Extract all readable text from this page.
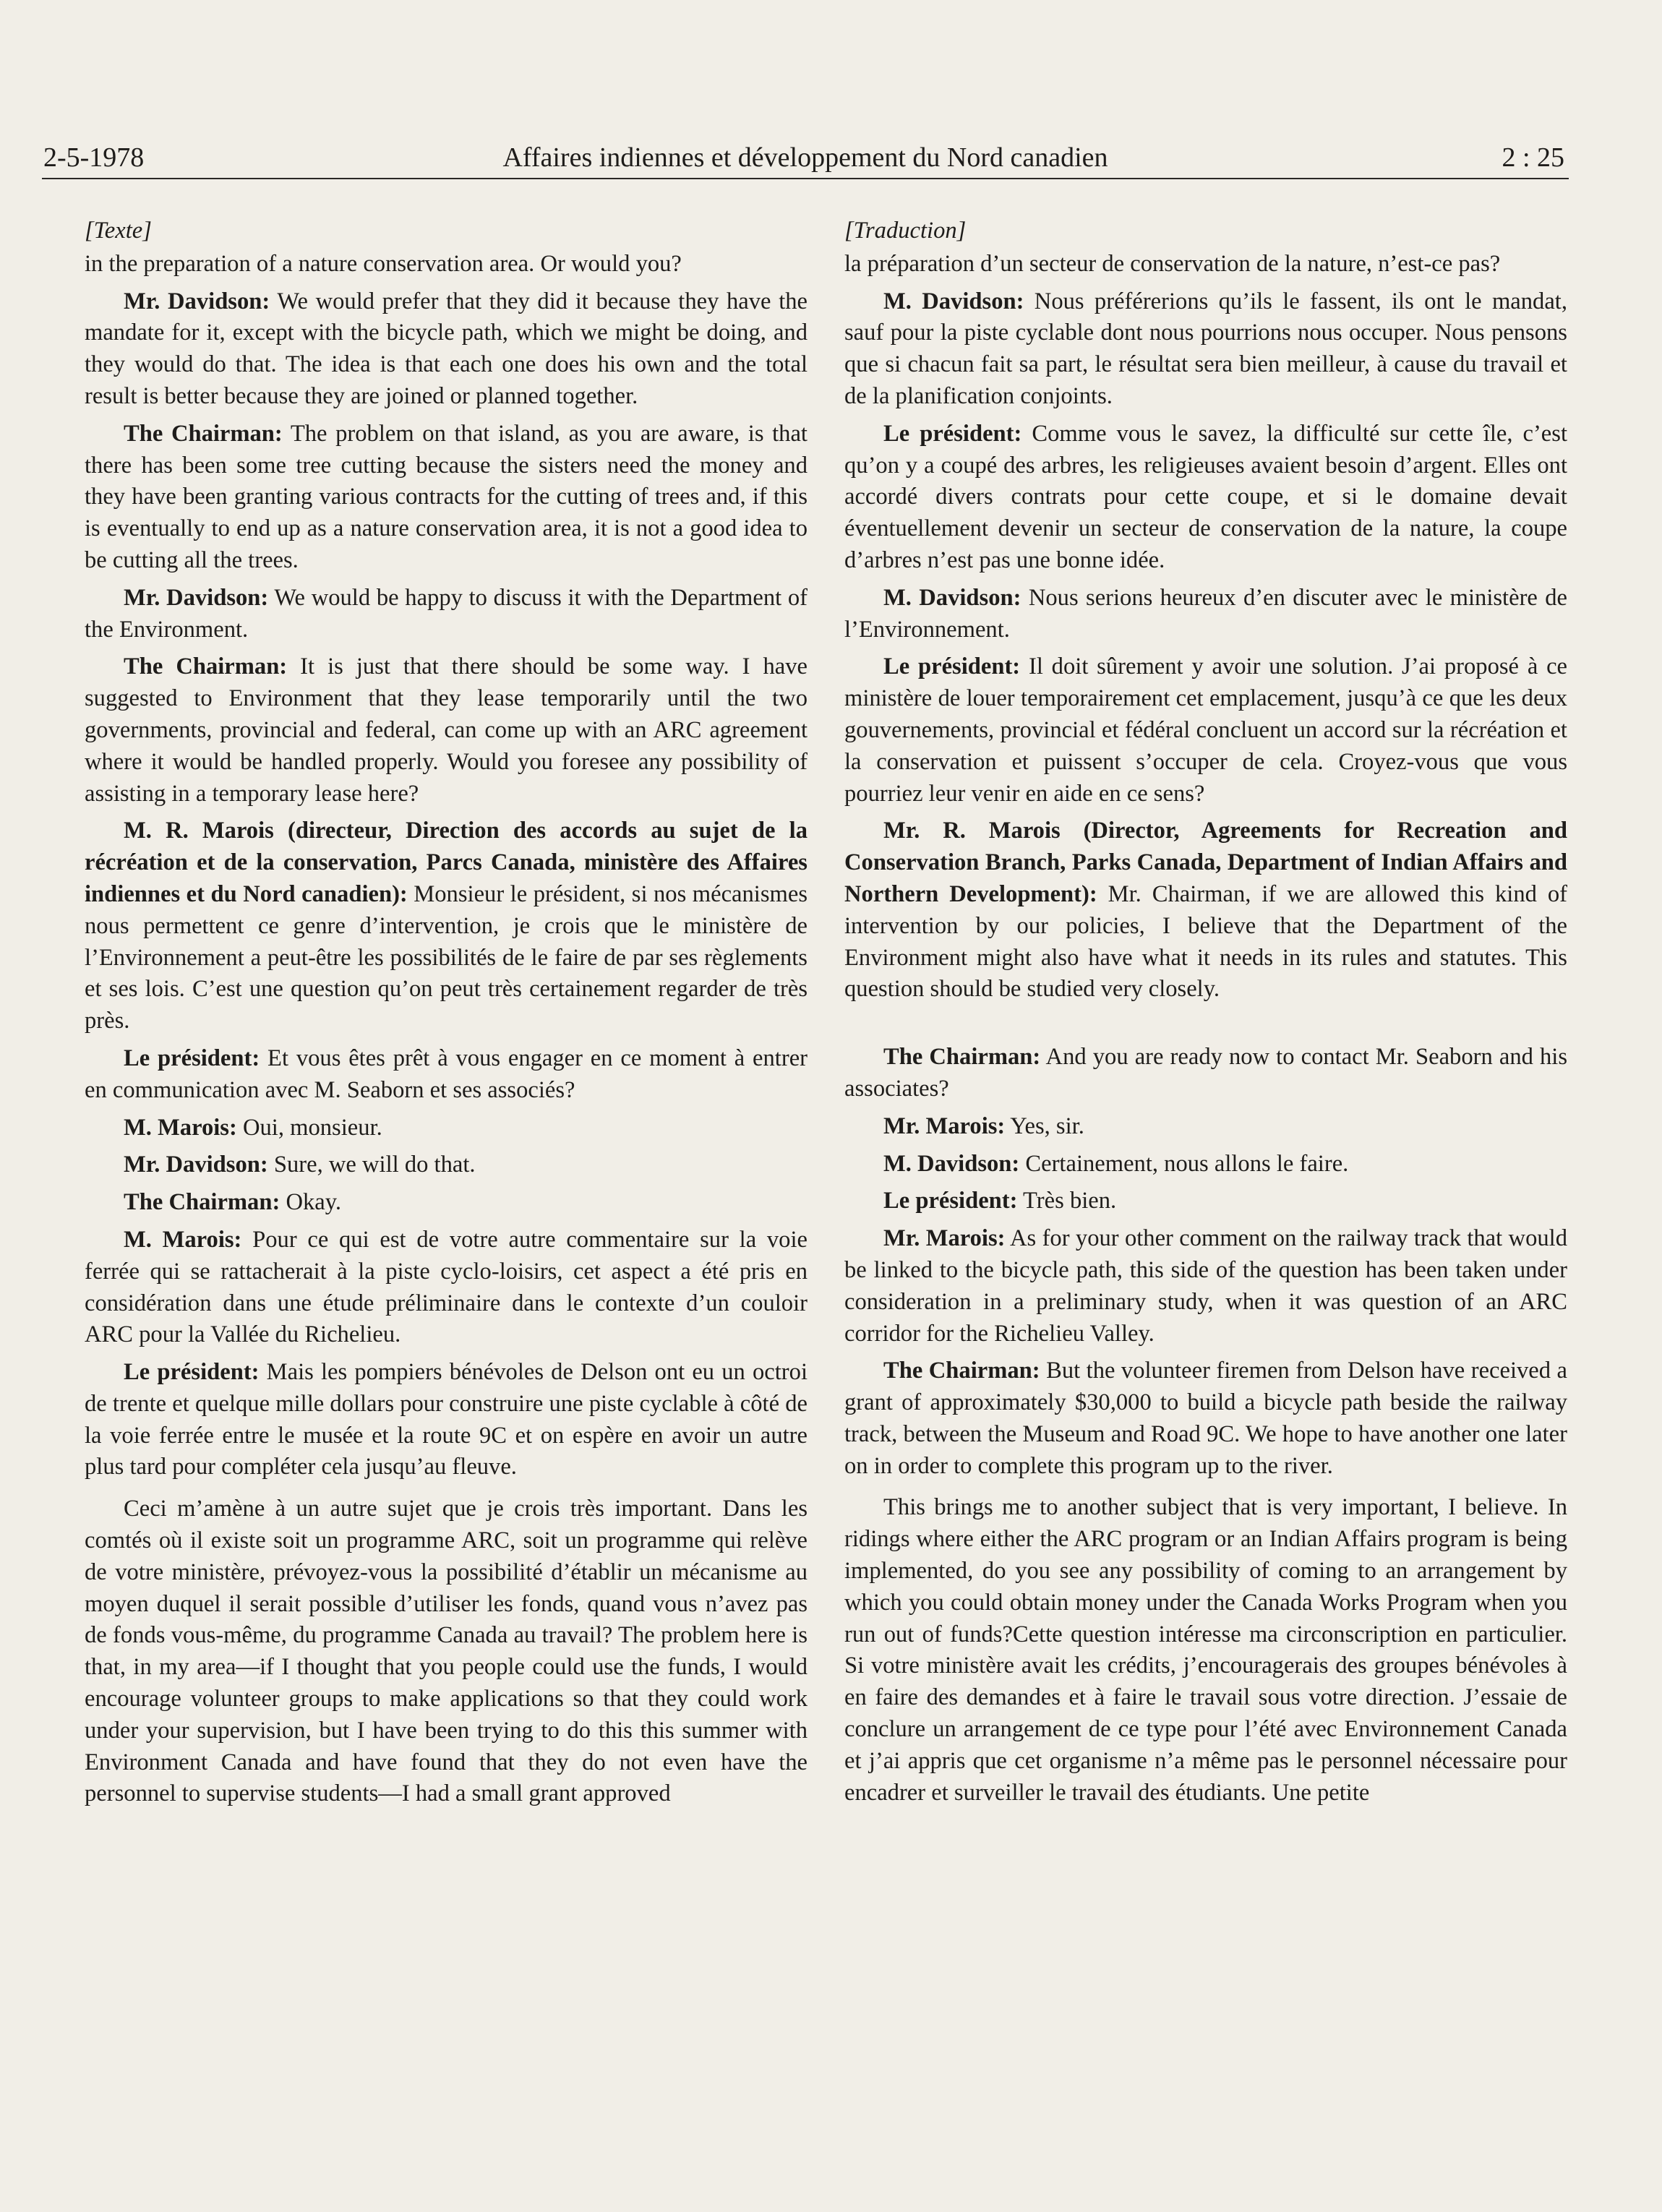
2-5-1978	Affaires indiennes et développement du Nord canadien	2 : 25

[Texte]

in the preparation of a nature conservation area. Or would you?

Mr. Davidson: We would prefer that they did it because they have the mandate for it, except with the bicycle path, which we might be doing, and they would do that. The idea is that each one does his own and the total result is better because they are joined or planned together.

The Chairman: The problem on that island, as you are aware, is that there has been some tree cutting because the sisters need the money and they have been granting various contracts for the cutting of trees and, if this is eventually to end up as a nature conservation area, it is not a good idea to be cutting all the trees.

Mr. Davidson: We would be happy to discuss it with the Department of the Environment.

The Chairman: It is just that there should be some way. I have suggested to Environment that they lease temporarily until the two governments, provincial and federal, can come up with an ARC agreement where it would be handled properly. Would you foresee any possibility of assisting in a temporary lease here?

M. R. Marois (directeur, Direction des accords au sujet de la récréation et de la conservation, Parcs Canada, ministère des Affaires indiennes et du Nord canadien): Monsieur le président, si nos mécanismes nous permettent ce genre d’intervention, je crois que le ministère de l’Environnement a peut-être les possibilités de le faire de par ses règlements et ses lois. C’est une question qu’on peut très certainement regarder de très près.

Le président: Et vous êtes prêt à vous engager en ce moment à entrer en communication avec M. Seaborn et ses associés?

M. Marois: Oui, monsieur.

Mr. Davidson: Sure, we will do that.

The Chairman: Okay.

M. Marois: Pour ce qui est de votre autre commentaire sur la voie ferrée qui se rattacherait à la piste cyclo-loisirs, cet aspect a été pris en considération dans une étude préliminaire dans le contexte d’un couloir ARC pour la Vallée du Richelieu.

Le président: Mais les pompiers bénévoles de Delson ont eu un octroi de trente et quelque mille dollars pour construire une piste cyclable à côté de la voie ferrée entre le musée et la route 9C et on espère en avoir un autre plus tard pour compléter cela jusqu’au fleuve.

Ceci m’amène à un autre sujet que je crois très important. Dans les comtés où il existe soit un programme ARC, soit un programme qui relève de votre ministère, prévoyez-vous la possibilité d’établir un mécanisme au moyen duquel il serait possible d’utiliser les fonds, quand vous n’avez pas de fonds vous-même, du programme Canada au travail? The problem here is that, in my area—if I thought that you people could use the funds, I would encourage volunteer groups to make applications so that they could work under your supervision, but I have been trying to do this this summer with Environment Canada and have found that they do not even have the personnel to supervise students—I had a small grant approved

[Traduction]

la préparation d’un secteur de conservation de la nature, n’est-ce pas?

M. Davidson: Nous préférerions qu’ils le fassent, ils ont le mandat, sauf pour la piste cyclable dont nous pourrions nous occuper. Nous pensons que si chacun fait sa part, le résultat sera bien meilleur, à cause du travail et de la planification conjoints.

Le président: Comme vous le savez, la difficulté sur cette île, c’est qu’on y a coupé des arbres, les religieuses avaient besoin d’argent. Elles ont accordé divers contrats pour cette coupe, et si le domaine devait éventuellement devenir un secteur de conservation de la nature, la coupe d’arbres n’est pas une bonne idée.

M. Davidson: Nous serions heureux d’en discuter avec le ministère de l’Environnement.

Le président: Il doit sûrement y avoir une solution. J’ai proposé à ce ministère de louer temporairement cet emplacement, jusqu’à ce que les deux gouvernements, provincial et fédéral concluent un accord sur la récréation et la conservation et puissent s’occuper de cela. Croyez-vous que vous pourriez leur venir en aide en ce sens?

Mr. R. Marois (Director, Agreements for Recreation and Conservation Branch, Parks Canada, Department of Indian Affairs and Northern Development): Mr. Chairman, if we are allowed this kind of intervention by our policies, I believe that the Department of the Environment might also have what it needs in its rules and statutes. This question should be studied very closely.

The Chairman: And you are ready now to contact Mr. Seaborn and his associates?

Mr. Marois: Yes, sir.

M. Davidson: Certainement, nous allons le faire.

Le président: Très bien.

Mr. Marois: As for your other comment on the railway track that would be linked to the bicycle path, this side of the question has been taken under consideration in a preliminary study, when it was question of an ARC corridor for the Richelieu Valley.

The Chairman: But the volunteer firemen from Delson have received a grant of approximately $30,000 to build a bicycle path beside the railway track, between the Museum and Road 9C. We hope to have another one later on in order to complete this program up to the river.

This brings me to another subject that is very important, I believe. In ridings where either the ARC program or an Indian Affairs program is being implemented, do you see any possibility of coming to an arrangement by which you could obtain money under the Canada Works Program when you run out of funds?Cette question intéresse ma circonscription en particulier. Si votre ministère avait les crédits, j’encouragerais des groupes bénévoles à en faire des demandes et à faire le travail sous votre direction. J’essaie de conclure un arrangement de ce type pour l’été avec Environnement Canada et j’ai appris que cet organisme n’a même pas le personnel nécessaire pour encadrer et surveiller le travail des étudiants. Une petite
